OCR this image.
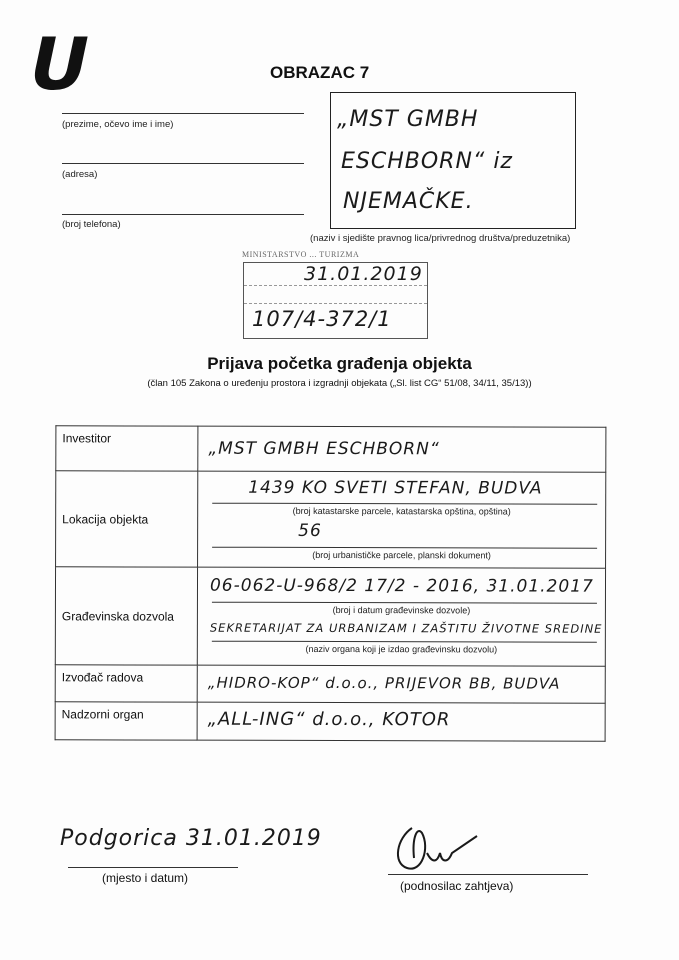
U	OBRAZAC 7
(prezime, očevo ime i ime)
(adresa)
(broj telefona)
„MST GMBH
ESCHBORN“ iz
NJEMAČKE.
(naziv i sjedište pravnog lica/privrednog društva/preduzetnika)
MINISTARSTVO ... TURIZMA
31.01.2019
107/4-372/1
Prijava početka građenja objekta
(član 105 Zakona o uređenju prostora i izgradnji objekata („Sl. list CG“ 51/08, 34/11, 35/13))
Investitor	„MST GMBH ESCHBORN“

Lokacija objekta	1439 KO SVETI STEFAN, BUDVA
(broj katastarske parcele, katastarska opština, opština)
56
(broj urbanističke parcele, planski dokument)

Građevinska dozvola	06-062-U-968/2 17/2 - 2016, 31.01.2017
(broj i datum građevinske dozvole)
SEKRETARIJAT ZA URBANIZAM I ZAŠTITU ŽIVOTNE SREDINE
(naziv organa koji je izdao građevinsku dozvolu)

Izvođač radova	„HIDRO-KOP“ d.o.o., PRIJEVOR BB, BUDVA

Nadzorni organ	„ALL-ING“ d.o.o., KOTOR
Podgorica 31.01.2019
(mjesto i datum)
(podnosilac zahtjeva)
